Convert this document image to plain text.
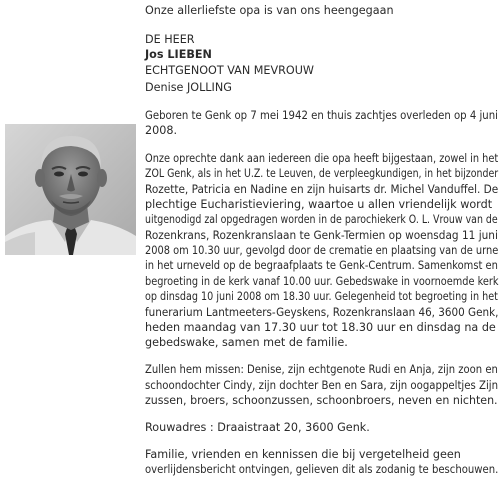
Onze allerliefste opa is van ons heengegaan
DE HEER
Jos LIEBEN
ECHTGENOOT VAN MEVROUW
Denise JOLLING
Geboren te Genk op 7 mei 1942 en thuis zachtjes overleden op 4 juni
2008.
Onze oprechte dank aan iedereen die opa heeft bijgestaan, zowel in het
ZOL Genk, als in het U.Z. te Leuven, de verpleegkundigen, in het bijzonder
Rozette, Patricia en Nadine en zijn huisarts dr. Michel Vanduffel. De
plechtige Eucharistieviering, waartoe u allen vriendelijk wordt
uitgenodigd zal opgedragen worden in de parochiekerk O. L. Vrouw van de
Rozenkrans, Rozenkranslaan te Genk-Termien op woensdag 11 juni
2008 om 10.30 uur, gevolgd door de crematie en plaatsing van de urne
in het urneveld op de begraafplaats te Genk-Centrum. Samenkomst en
begroeting in de kerk vanaf 10.00 uur. Gebedswake in voornoemde kerk
op dinsdag 10 juni 2008 om 18.30 uur. Gelegenheid tot begroeting in het
funerarium Lantmeeters-Geyskens, Rozenkranslaan 46, 3600 Genk,
heden maandag van 17.30 uur tot 18.30 uur en dinsdag na de
gebedswake, samen met de familie.
Zullen hem missen: Denise, zijn echtgenote Rudi en Anja, zijn zoon en
schoondochter Cindy, zijn dochter Ben en Sara, zijn oogappeltjes Zijn
zussen, broers, schoonzussen, schoonbroers, neven en nichten.
Rouwadres : Draaistraat 20, 3600 Genk.
Familie, vrienden en kennissen die bij vergetelheid geen
overlijdensbericht ontvingen, gelieven dit als zodanig te beschouwen.
